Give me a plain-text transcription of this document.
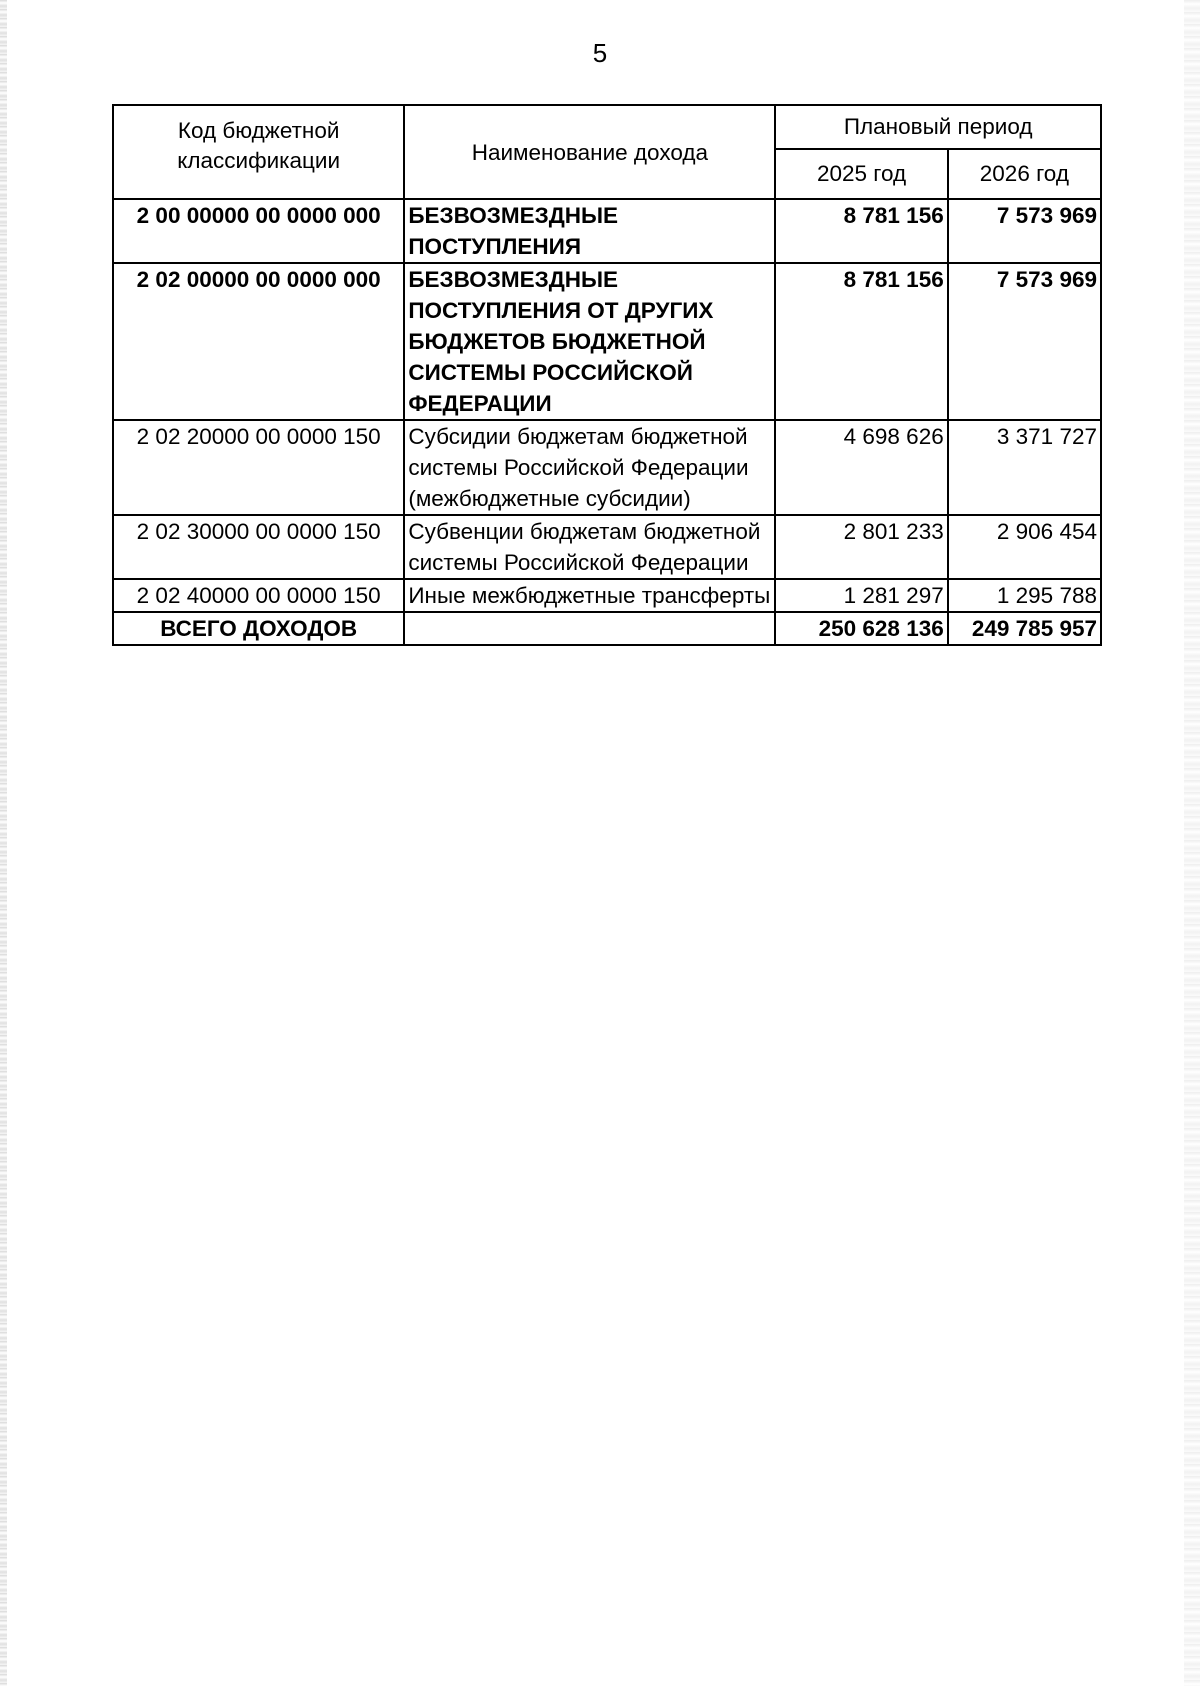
5
Код бюджетной классификации	Наименование дохода	Плановый период	
		2025 год	2026 год
2 00 00000 00 0000 000	БЕЗВОЗМЕЗДНЫЕ ПОСТУПЛЕНИЯ	8 781 156	7 573 969
2 02 00000 00 0000 000	БЕЗВОЗМЕЗДНЫЕ ПОСТУПЛЕНИЯ ОТ ДРУГИХ БЮДЖЕТОВ БЮДЖЕТНОЙ СИСТЕМЫ РОССИЙСКОЙ ФЕДЕРАЦИИ	8 781 156	7 573 969
2 02 20000 00 0000 150	Субсидии бюджетам бюджетной системы Российской Федерации (межбюджетные субсидии)	4 698 626	3 371 727
2 02 30000 00 0000 150	Субвенции бюджетам бюджетной системы Российской Федерации	2 801 233	2 906 454
2 02 40000 00 0000 150	Иные межбюджетные трансферты	1 281 297	1 295 788
ВСЕГО ДОХОДОВ		250 628 136	249 785 957
